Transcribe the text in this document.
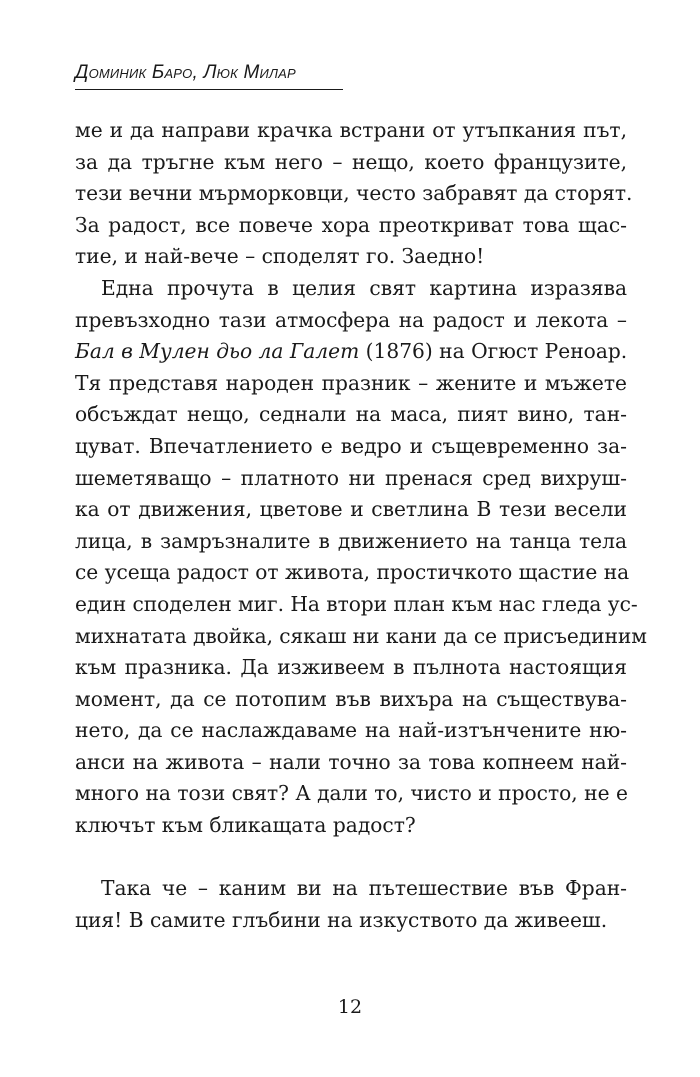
Доминик Баро, Люк Милар
ме и да направи крачка встрани от утъпкания път,
за да тръгне към него – нещо, което французите,
тези вечни мърморковци, често забравят да сторят.
За радост, все повече хора преоткриват това щас-
тие, и най-вече – споделят го. Заедно!
Една прочута в целия свят картина изразява
превъзходно тази атмосфера на радост и лекота –
Бал в Мулен дьо ла Галет (1876) на Огюст Реноар.
Тя представя народен празник – жените и мъжете
обсъждат нещо, седнали на маса, пият вино, тан-
цуват. Впечатлението е ведро и същевременно за-
шеметяващо – платното ни пренася сред вихруш-
ка от движения, цветове и светлина В тези весели
лица, в замръзналите в движението на танца тела
се усеща радост от живота, простичкото щастие на
един споделен миг. На втори план към нас гледа ус-
михнатата двойка, сякаш ни кани да се присъединим
към празника. Да изживеем в пълнота настоящия
момент, да се потопим във вихъра на съществува-
нето, да се наслаждаваме на най-изтънчените ню-
анси на живота – нали точно за това копнеем най-
много на този свят? А дали то, чисто и просто, не е
ключът към бликащата радост?
Така че – каним ви на пътешествие във Фран-
ция! В самите глъбини на изкуството да живееш.
12
